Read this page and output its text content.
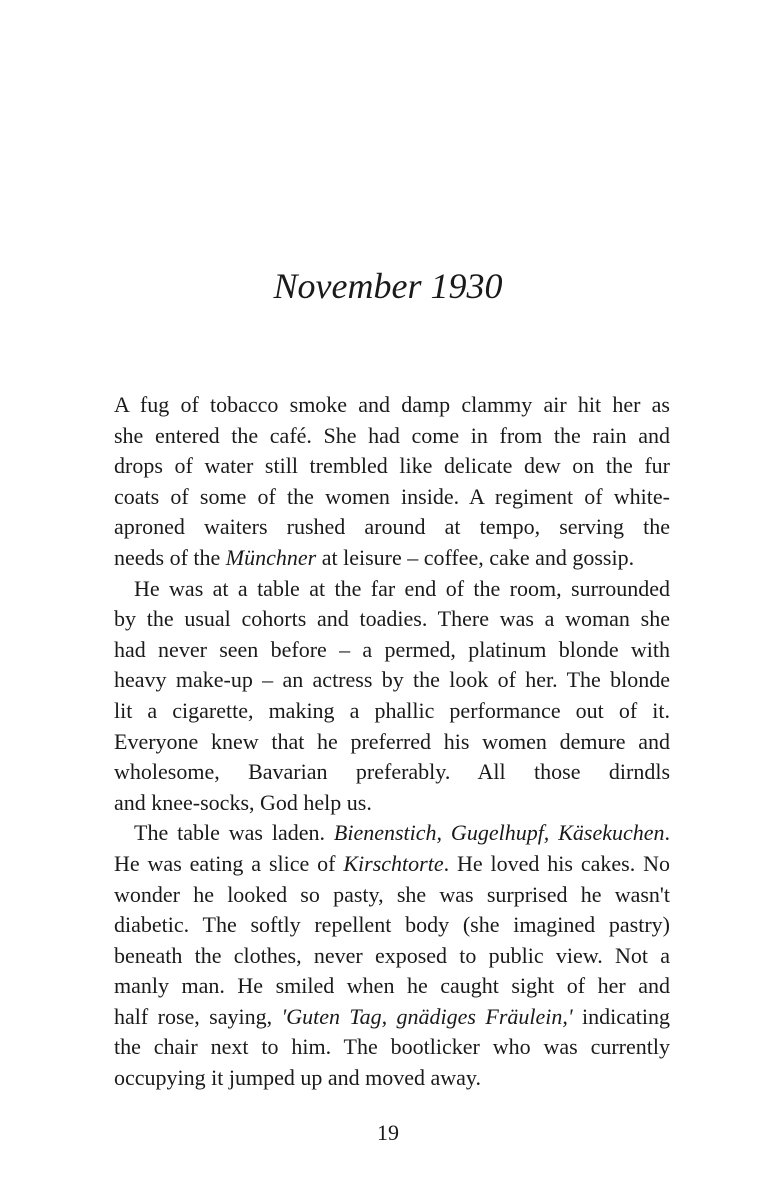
November 1930
A fug of tobacco smoke and damp clammy air hit her as
she entered the café. She had come in from the rain and
drops of water still trembled like delicate dew on the fur
coats of some of the women inside. A regiment of white-
aproned waiters rushed around at tempo, serving the
needs of the Münchner at leisure – coffee, cake and gossip.
He was at a table at the far end of the room, surrounded
by the usual cohorts and toadies. There was a woman she
had never seen before – a permed, platinum blonde with
heavy make-up – an actress by the look of her. The blonde
lit a cigarette, making a phallic performance out of it.
Everyone knew that he preferred his women demure and
wholesome, Bavarian preferably. All those dirndls
and knee-socks, God help us.
The table was laden. Bienenstich, Gugelhupf, Käsekuchen.
He was eating a slice of Kirschtorte. He loved his cakes. No
wonder he looked so pasty, she was surprised he wasn't
diabetic. The softly repellent body (she imagined pastry)
beneath the clothes, never exposed to public view. Not a
manly man. He smiled when he caught sight of her and
half rose, saying, 'Guten Tag, gnädiges Fräulein,' indicating
the chair next to him. The bootlicker who was currently
occupying it jumped up and moved away.
19
